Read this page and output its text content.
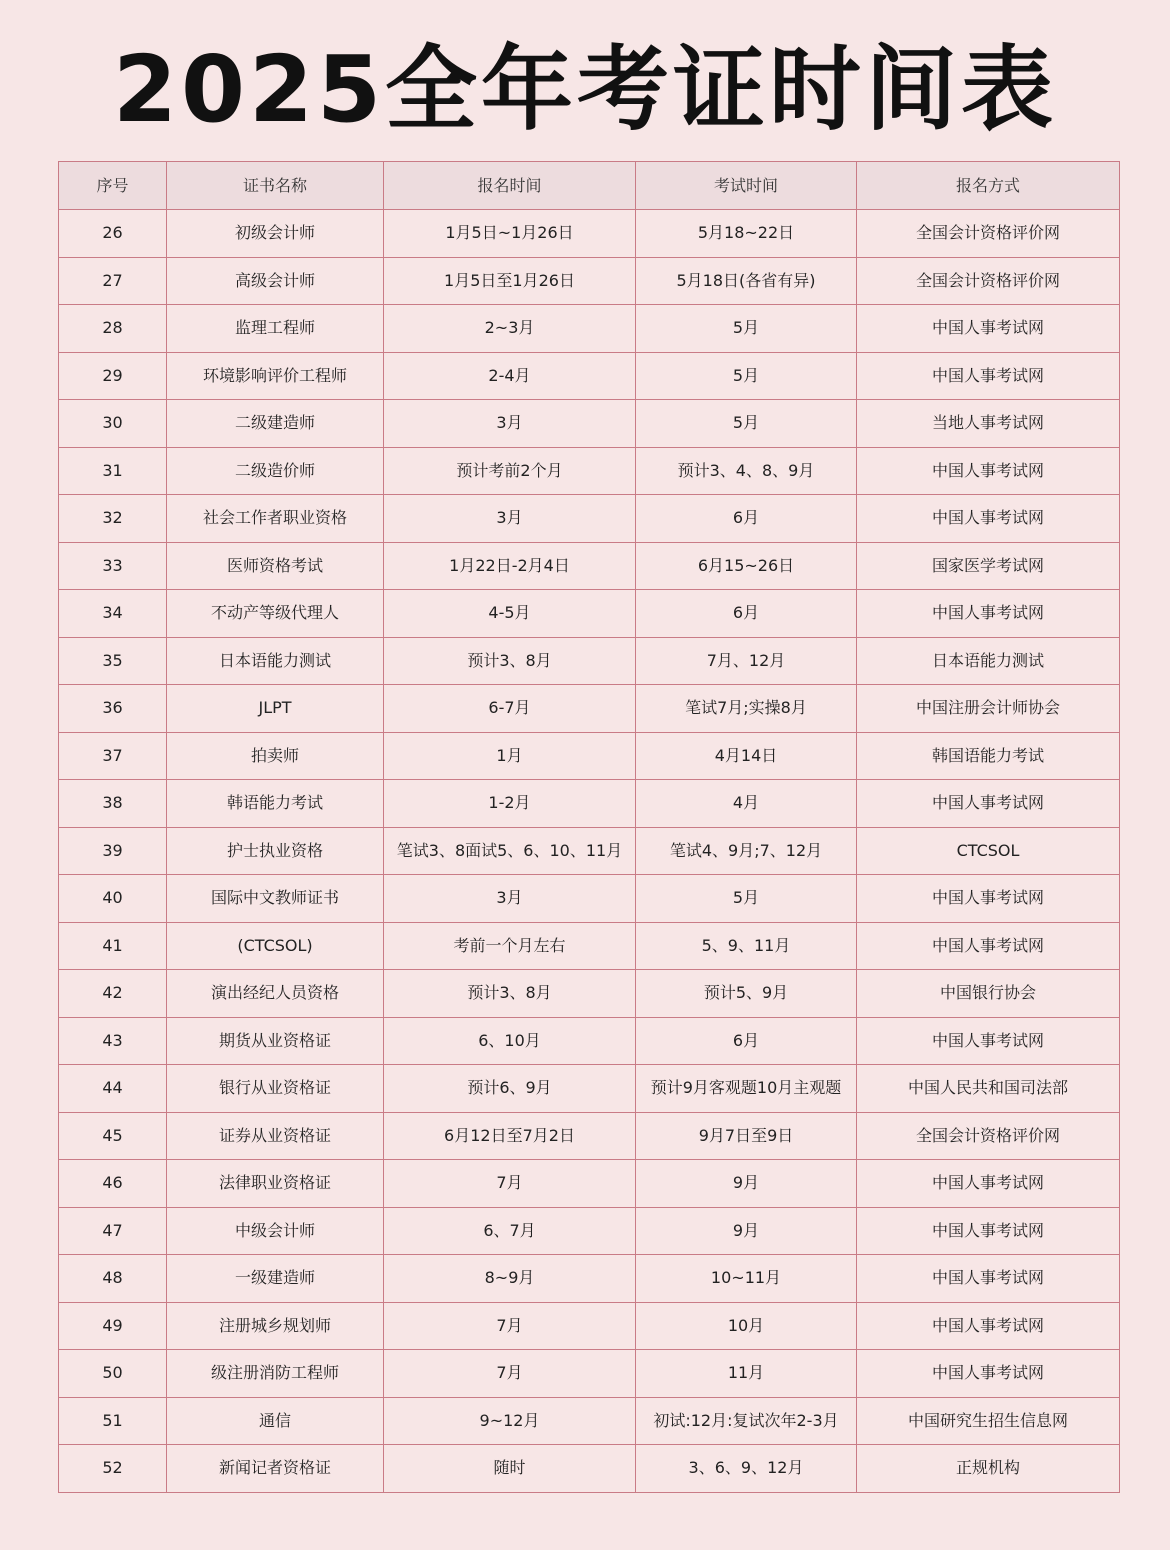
2025全年考证时间表
序号	证书名称	报名时间	考试时间	报名方式
26	初级会计师	1月5日~1月26日	5月18~22日	全国会计资格评价网
27	高级会计师	1月5日至1月26日	5月18日(各省有异)	全国会计资格评价网
28	监理工程师	2~3月	5月	中国人事考试网
29	环境影响评价工程师	2-4月	5月	中国人事考试网
30	二级建造师	3月	5月	当地人事考试网
31	二级造价师	预计考前2个月	预计3、4、8、9月	中国人事考试网
32	社会工作者职业资格	3月	6月	中国人事考试网
33	医师资格考试	1月22日-2月4日	6月15~26日	国家医学考试网
34	不动产等级代理人	4-5月	6月	中国人事考试网
35	日本语能力测试	预计3、8月	7月、12月	日本语能力测试
36	JLPT	6-7月	笔试7月;实操8月	中国注册会计师协会
37	拍卖师	1月	4月14日	韩国语能力考试
38	韩语能力考试	1-2月	4月	中国人事考试网
39	护士执业资格	笔试3、8面试5、6、10、11月	笔试4、9月;7、12月	CTCSOL
40	国际中文教师证书	3月	5月	中国人事考试网
41	(CTCSOL)	考前一个月左右	5、9、11月	中国人事考试网
42	演出经纪人员资格	预计3、8月	预计5、9月	中国银行协会
43	期货从业资格证	6、10月	6月	中国人事考试网
44	银行从业资格证	预计6、9月	预计9月客观题10月主观题	中国人民共和国司法部
45	证券从业资格证	6月12日至7月2日	9月7日至9日	全国会计资格评价网
46	法律职业资格证	7月	9月	中国人事考试网
47	中级会计师	6、7月	9月	中国人事考试网
48	一级建造师	8~9月	10~11月	中国人事考试网
49	注册城乡规划师	7月	10月	中国人事考试网
50	级注册消防工程师	7月	11月	中国人事考试网
51	通信	9~12月	初试:12月:复试次年2-3月	中国研究生招生信息网
52	新闻记者资格证	随时	3、6、9、12月	正规机构
